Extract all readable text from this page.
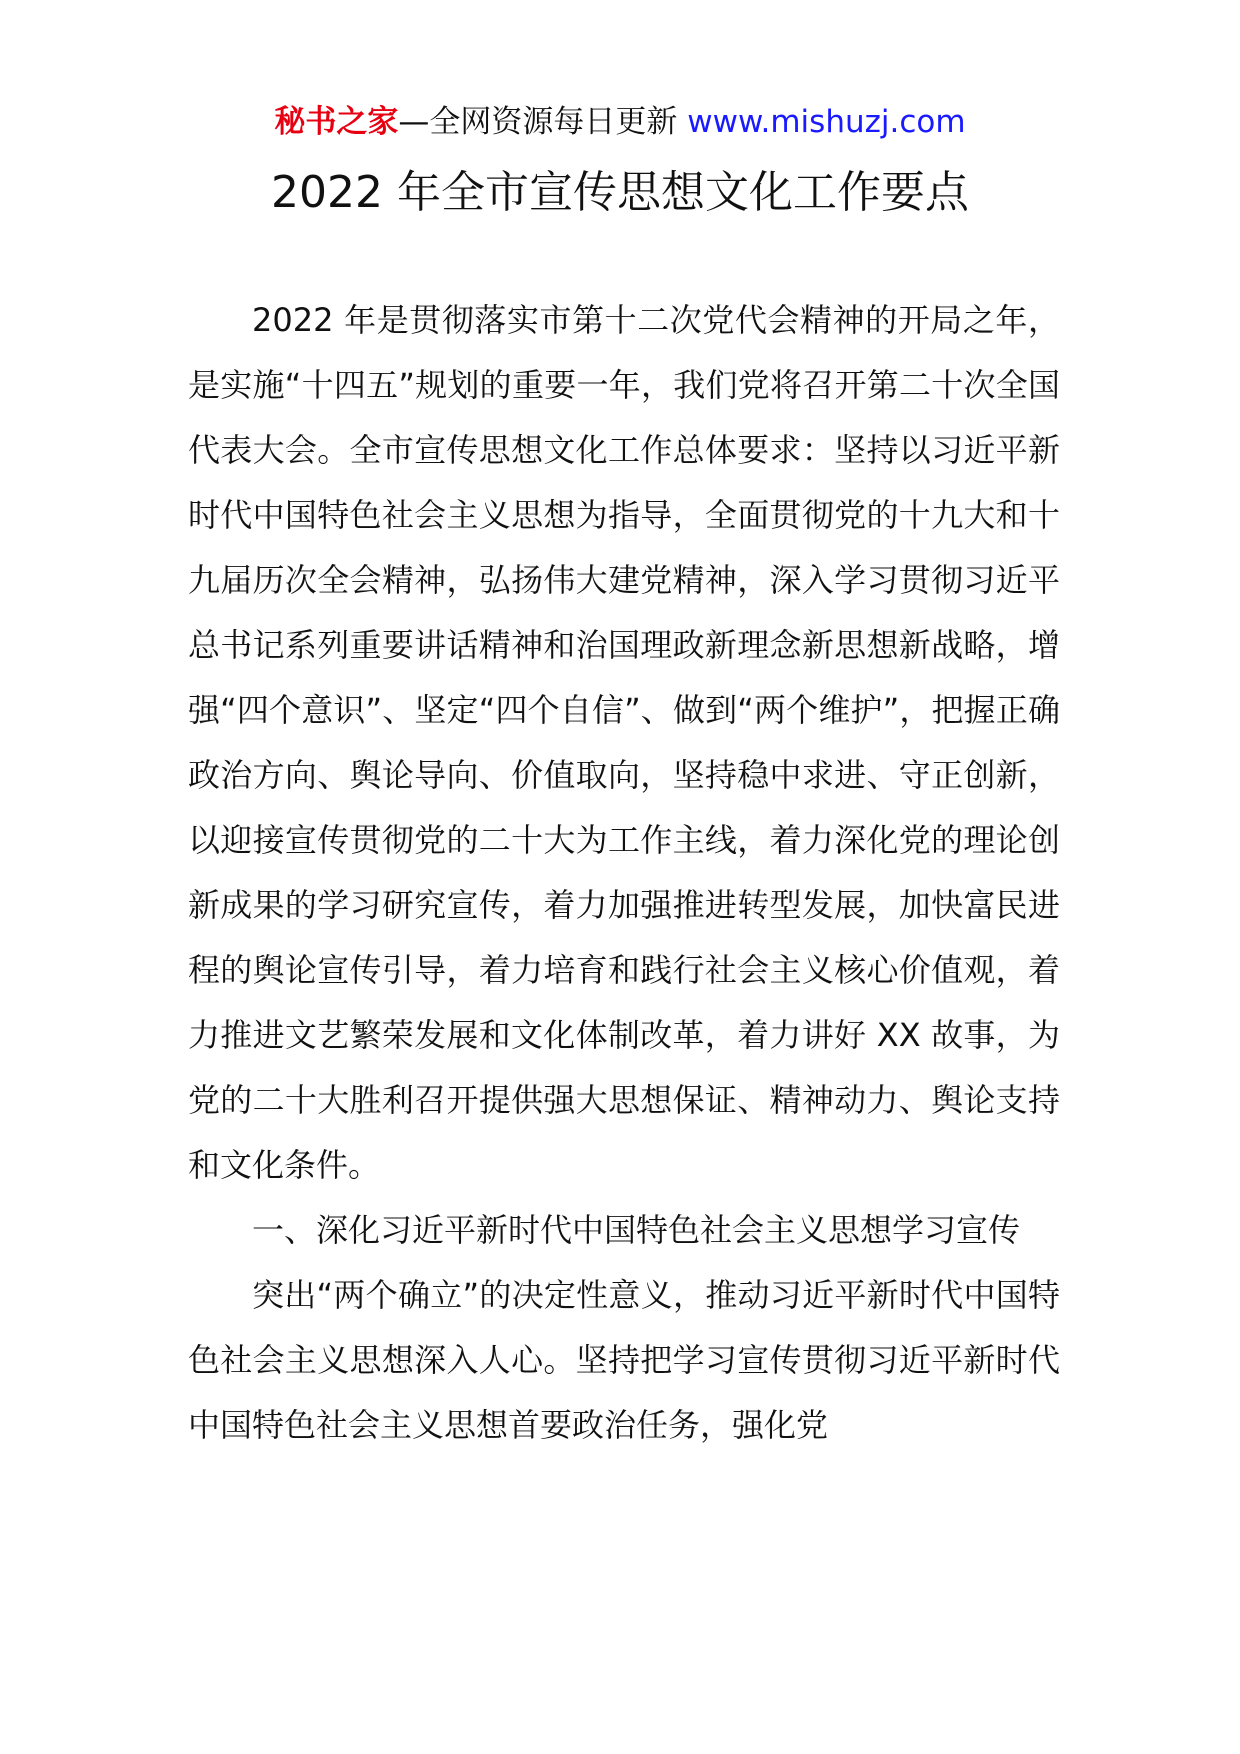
秘书之家—全网资源每日更新 www.mishuzj.com
2022 年全市宣传思想文化工作要点

2022 年是贯彻落实市第十二次党代会精神的开局之年，是实施“十四五”规划的重要一年，我们党将召开第二十次全国代表大会。全市宣传思想文化工作总体要求：坚持以习近平新时代中国特色社会主义思想为指导，全面贯彻党的十九大和十九届历次全会精神，弘扬伟大建党精神，深入学习贯彻习近平总书记系列重要讲话精神和治国理政新理念新思想新战略，增强“四个意识”、坚定“四个自信”、做到“两个维护”，把握正确政治方向、舆论导向、价值取向，坚持稳中求进、守正创新，以迎接宣传贯彻党的二十大为工作主线，着力深化党的理论创新成果的学习研究宣传，着力加强推进转型发展，加快富民进程的舆论宣传引导，着力培育和践行社会主义核心价值观，着力推进文艺繁荣发展和文化体制改革，着力讲好 XX 故事，为党的二十大胜利召开提供强大思想保证、精神动力、舆论支持和文化条件。

一、深化习近平新时代中国特色社会主义思想学习宣传

突出“两个确立”的决定性意义，推动习近平新时代中国特色社会主义思想深入人心。坚持把学习宣传贯彻习近平新时代中国特色社会主义思想首要政治任务，强化党
